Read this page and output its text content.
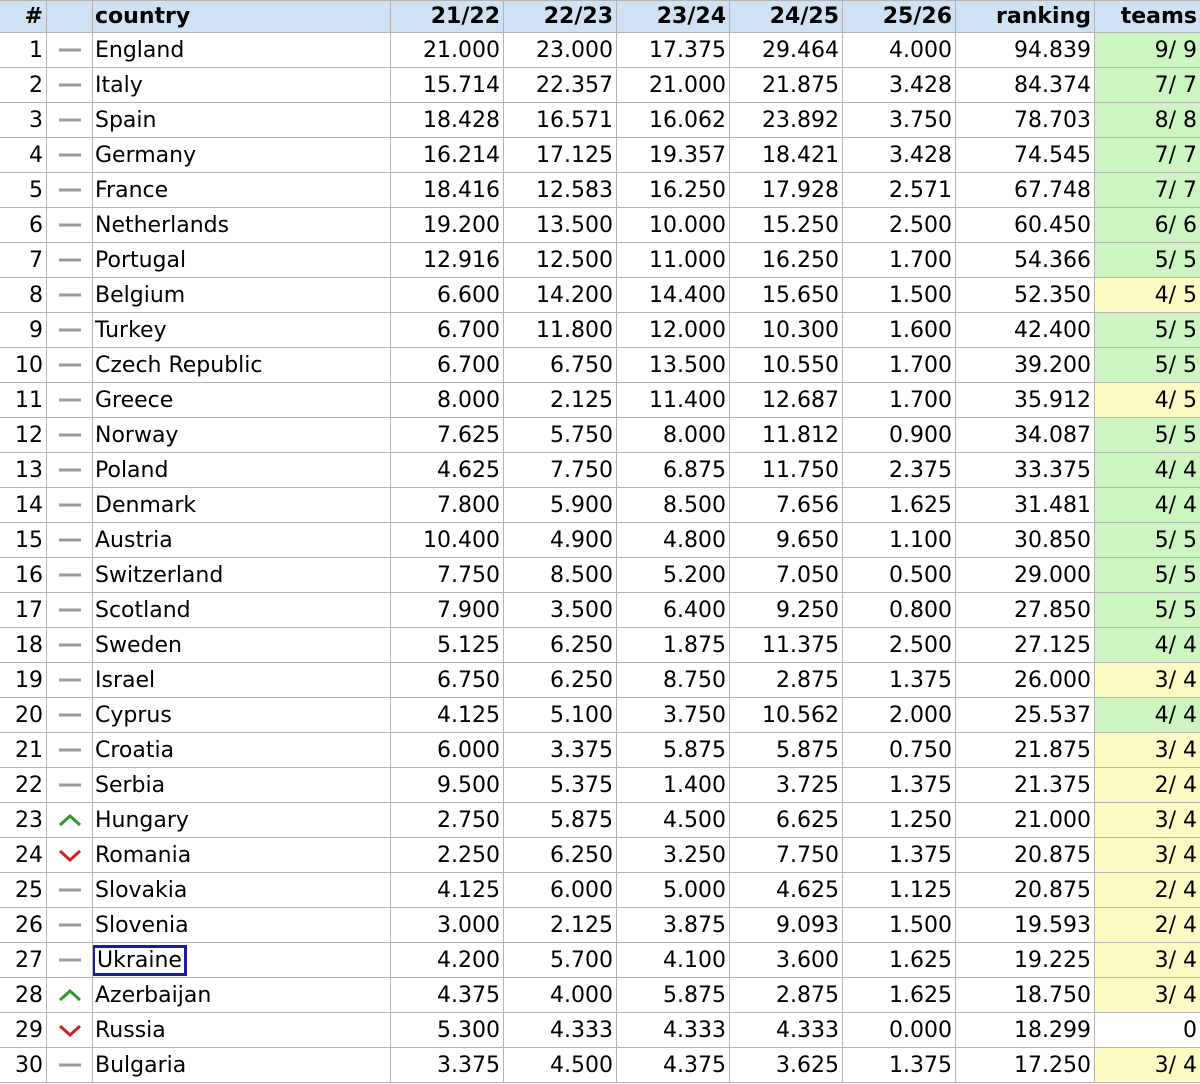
#		country	21/22	22/23	23/24	24/25	25/26	ranking	teams
1		England	21.000	23.000	17.375	29.464	4.000	94.839	9/ 9
2		Italy	15.714	22.357	21.000	21.875	3.428	84.374	7/ 7
3		Spain	18.428	16.571	16.062	23.892	3.750	78.703	8/ 8
4		Germany	16.214	17.125	19.357	18.421	3.428	74.545	7/ 7
5		France	18.416	12.583	16.250	17.928	2.571	67.748	7/ 7
6		Netherlands	19.200	13.500	10.000	15.250	2.500	60.450	6/ 6
7		Portugal	12.916	12.500	11.000	16.250	1.700	54.366	5/ 5
8		Belgium	6.600	14.200	14.400	15.650	1.500	52.350	4/ 5
9		Turkey	6.700	11.800	12.000	10.300	1.600	42.400	5/ 5
10		Czech Republic	6.700	6.750	13.500	10.550	1.700	39.200	5/ 5
11		Greece	8.000	2.125	11.400	12.687	1.700	35.912	4/ 5
12		Norway	7.625	5.750	8.000	11.812	0.900	34.087	5/ 5
13		Poland	4.625	7.750	6.875	11.750	2.375	33.375	4/ 4
14		Denmark	7.800	5.900	8.500	7.656	1.625	31.481	4/ 4
15		Austria	10.400	4.900	4.800	9.650	1.100	30.850	5/ 5
16		Switzerland	7.750	8.500	5.200	7.050	0.500	29.000	5/ 5
17		Scotland	7.900	3.500	6.400	9.250	0.800	27.850	5/ 5
18		Sweden	5.125	6.250	1.875	11.375	2.500	27.125	4/ 4
19		Israel	6.750	6.250	8.750	2.875	1.375	26.000	3/ 4
20		Cyprus	4.125	5.100	3.750	10.562	2.000	25.537	4/ 4
21		Croatia	6.000	3.375	5.875	5.875	0.750	21.875	3/ 4
22		Serbia	9.500	5.375	1.400	3.725	1.375	21.375	2/ 4
23		Hungary	2.750	5.875	4.500	6.625	1.250	21.000	3/ 4
24		Romania	2.250	6.250	3.250	7.750	1.375	20.875	3/ 4
25		Slovakia	4.125	6.000	5.000	4.625	1.125	20.875	2/ 4
26		Slovenia	3.000	2.125	3.875	9.093	1.500	19.593	2/ 4
27		Ukraine	4.200	5.700	4.100	3.600	1.625	19.225	3/ 4
28		Azerbaijan	4.375	4.000	5.875	2.875	1.625	18.750	3/ 4
29		Russia	5.300	4.333	4.333	4.333	0.000	18.299	0
30		Bulgaria	3.375	4.500	4.375	3.625	1.375	17.250	3/ 4
